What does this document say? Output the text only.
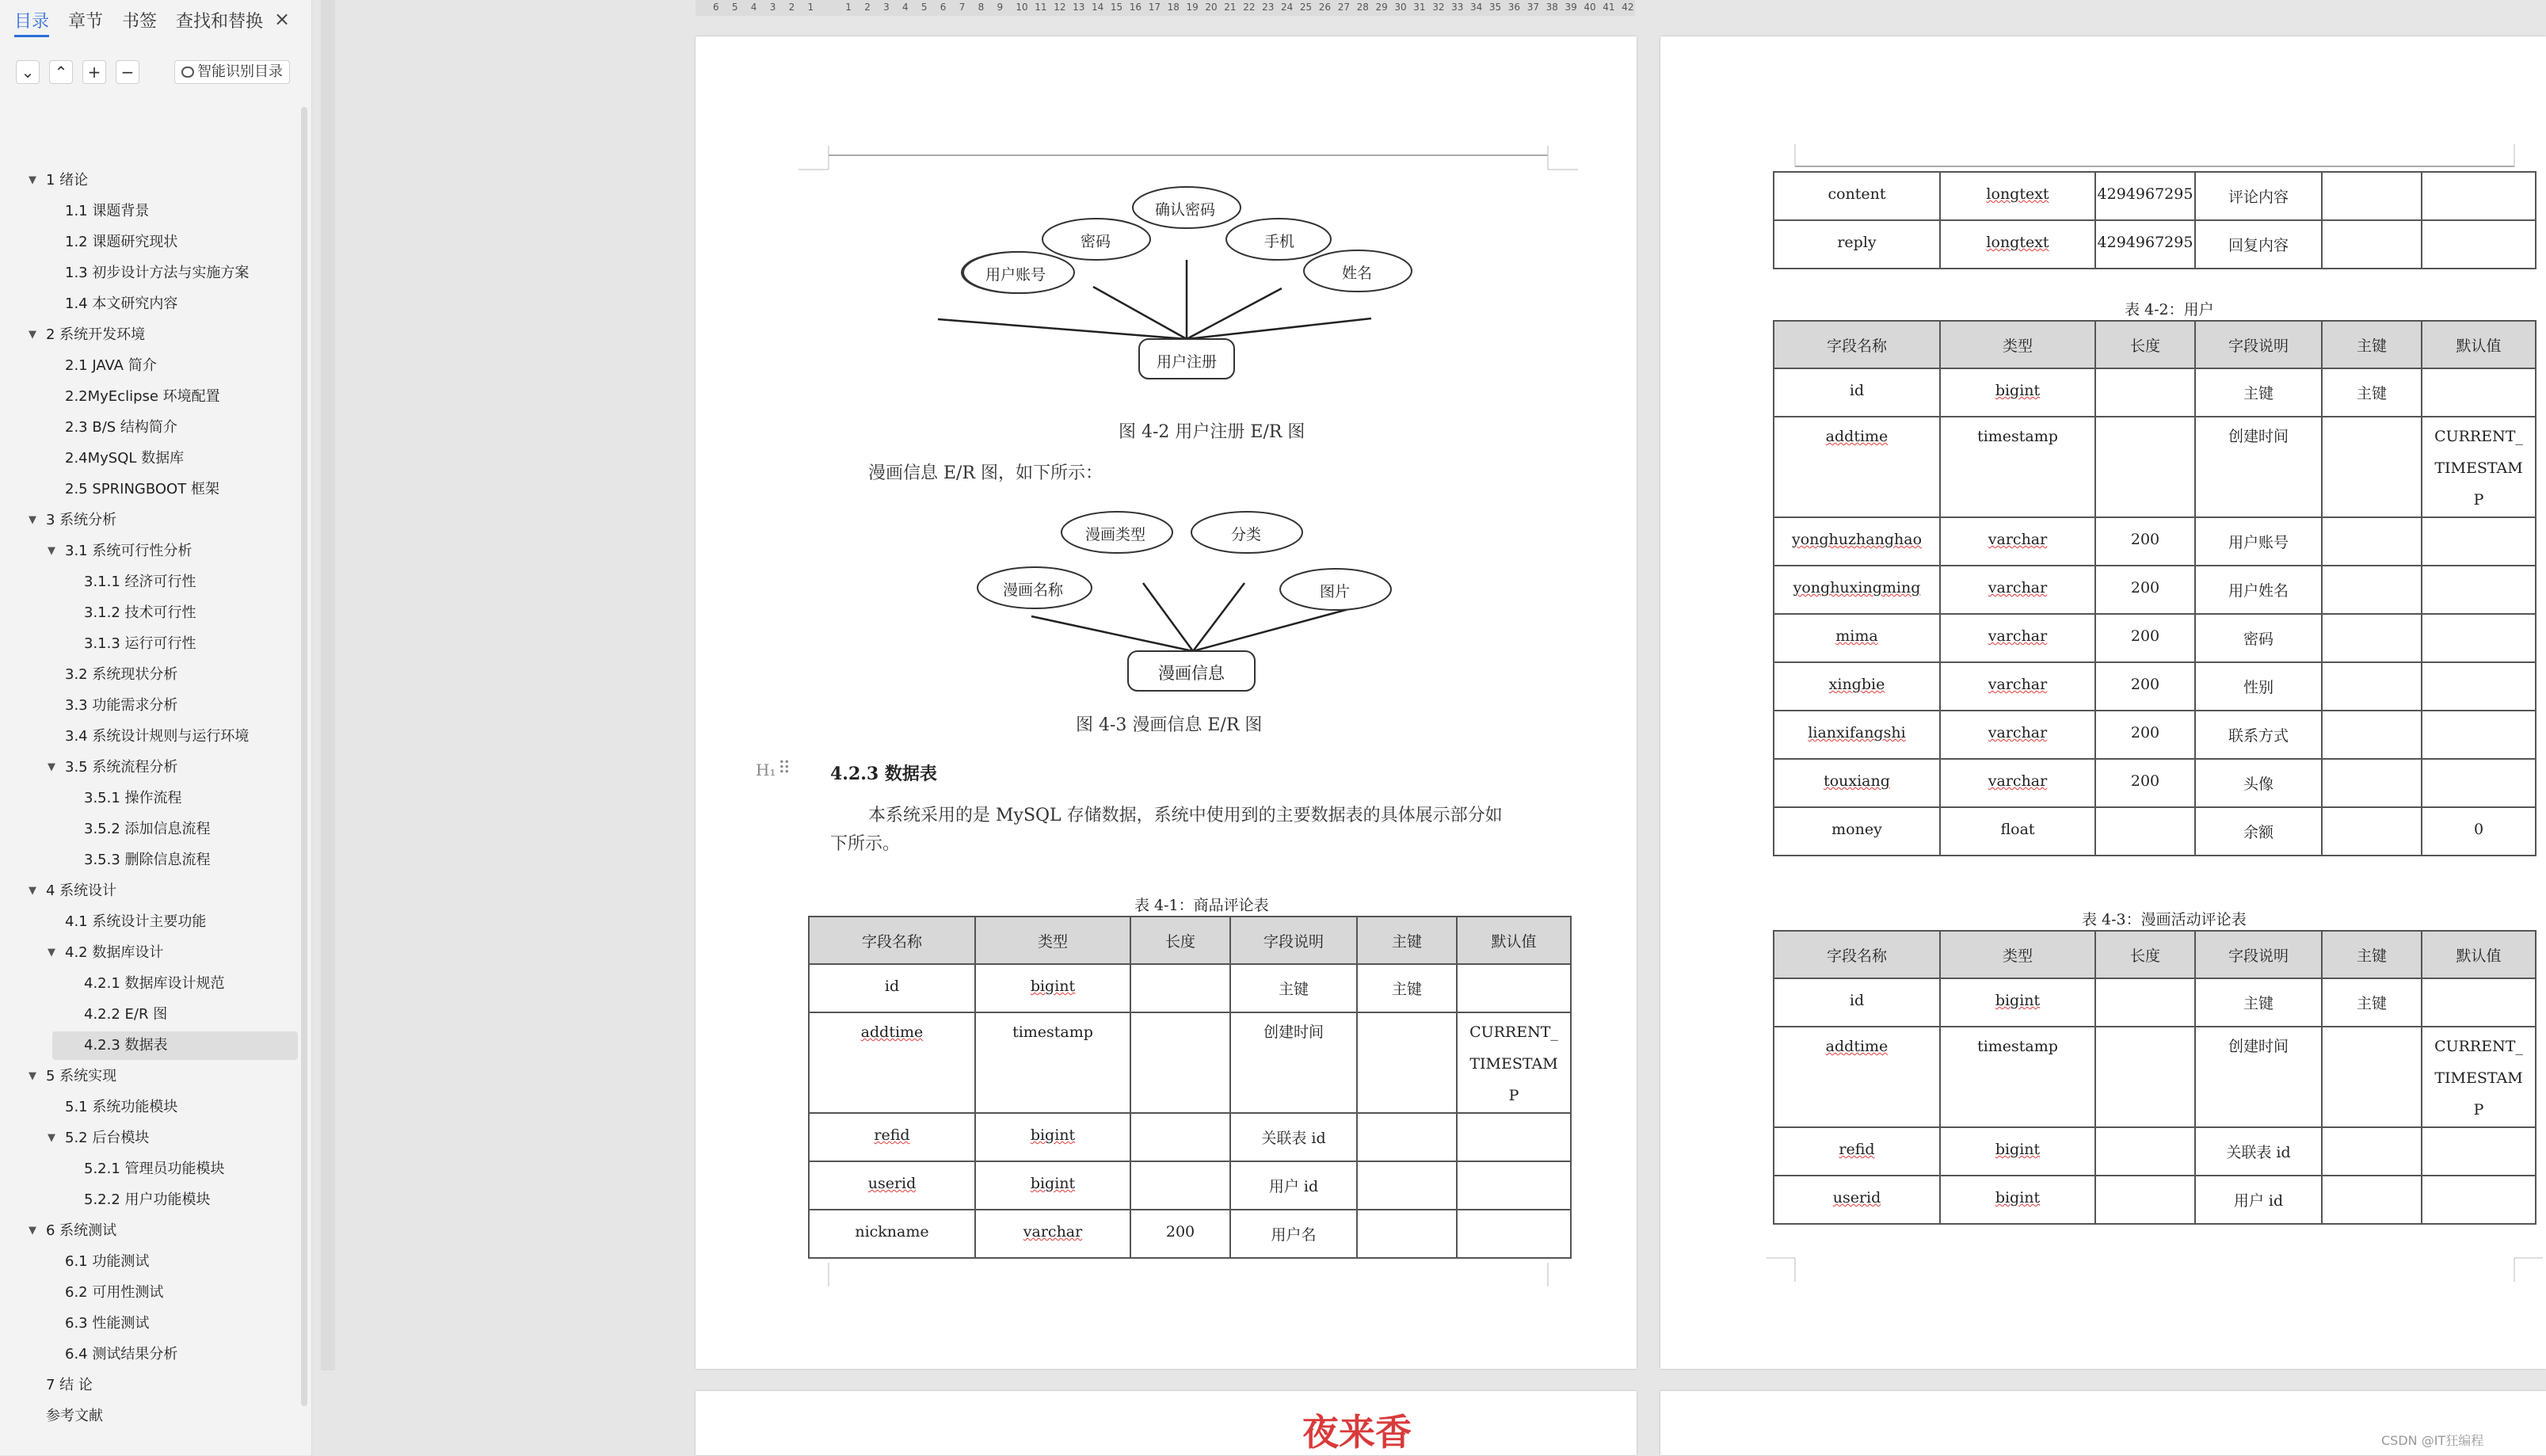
目录 章节 书签 查找和替换 ×
⌄	⌃	+	−	智能识别目录
▼ 1 绪论
1.1 课题背景
1.2 课题研究现状
1.3 初步设计方法与实施方案
1.4 本文研究内容
▼ 2 系统开发环境
2.1 JAVA 简介
2.2MyEclipse 环境配置
2.3 B/S 结构简介
2.4MySQL 数据库
2.5 SPRINGBOOT 框架
▼ 3 系统分析
▼ 3.1 系统可行性分析
3.1.1 经济可行性
3.1.2 技术可行性
3.1.3 运行可行性
3.2 系统现状分析
3.3 功能需求分析
3.4 系统设计规则与运行环境
▼ 3.5 系统流程分析
3.5.1 操作流程
3.5.2 添加信息流程
3.5.3 删除信息流程
▼ 4 系统设计
4.1 系统设计主要功能
▼ 4.2 数据库设计
4.2.1 数据库设计规范
4.2.2 E/R 图
4.2.3 数据表
▼ 5 系统实现
5.1 系统功能模块
▼ 5.2 后台模块
5.2.1 管理员功能模块
5.2.2 用户功能模块
▼ 6 系统测试
6.1 功能测试
6.2 可用性测试
6.3 性能测试
6.4 测试结果分析
7 结 论
参考文献
6 5 4 3 2 1	1 2 3 4 5 6 7 8 9 10 11 12 13 14 15 16 17 18 19 20 21 22 23 24 25 26 27 28 29 30 31 32 33 34 35 36 37 38 39 40 41 42
用户账号
密码
确认密码
手机
姓名
用户注册
图 4-2 用户注册 E/R 图
漫画信息 E/R 图，如下所示：
漫画名称
漫画类型	分类
图片
漫画信息
图 4-3 漫画信息 E/R 图
H₁ ⠿ 4.2.3 数据表
本系统采用的是 MySQL 存储数据，系统中使用到的主要数据表的具体展示部分如
下所示。
表 4-1：商品评论表
字段名称	类型	长度	字段说明	主键	默认值
id	bigint		主键	主键	
addtime	timestamp		创建时间		CURRENT_
TIMESTAM
P
refid	bigint		关联表 id		
userid	bigint		用户 id		
nickname	varchar	200	用户名		
content	longtext	4294967295	评论内容		
reply	longtext	4294967295	回复内容		
表 4-2：用户
字段名称	类型	长度	字段说明	主键	默认值
id	bigint		主键	主键	
addtime	timestamp		创建时间		CURRENT_
TIMESTAM
P
yonghuzhanghao	varchar	200	用户账号		
yonghuxingming	varchar	200	用户姓名		
mima	varchar	200	密码		
xingbie	varchar	200	性别		
lianxifangshi	varchar	200	联系方式		
touxiang	varchar	200	头像		
money	float		余额		0
表 4-3：漫画活动评论表
字段名称	类型	长度	字段说明	主键	默认值
id	bigint		主键	主键	
addtime	timestamp		创建时间		CURRENT_
TIMESTAM
P
refid	bigint		关联表 id		
userid	bigint		用户 id		
夜来香	CSDN @IT狂编程
